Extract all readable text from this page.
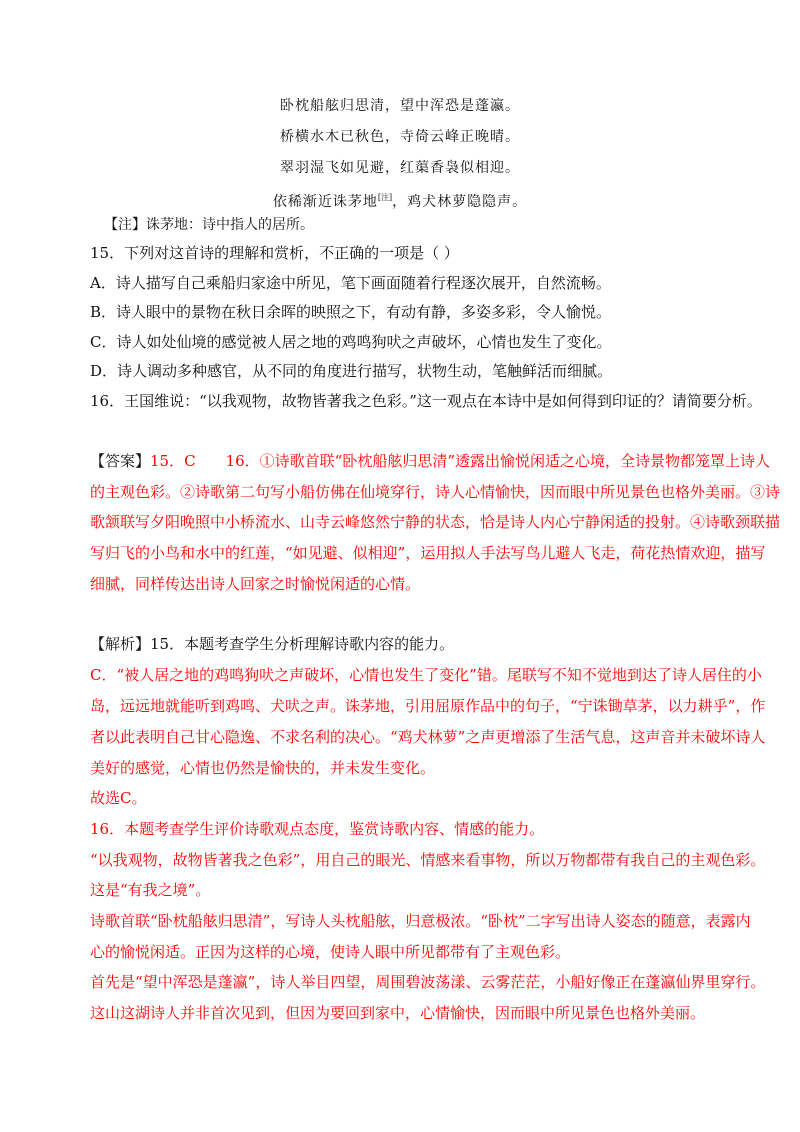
卧枕船舷归思清，望中浑恐是蓬瀛。
桥横水木已秋色，寺倚云峰正晚晴。
翠羽湿飞如见避，红蕖香袅似相迎。
依稀渐近诛茅地[注]，鸡犬林萝隐隐声。
【注】诛茅地：诗中指人的居所。
15．下列对这首诗的理解和赏析，不正确的一项是（ ）
A．诗人描写自己乘船归家途中所见，笔下画面随着行程逐次展开，自然流畅。
B．诗人眼中的景物在秋日余晖的映照之下，有动有静，多姿多彩，令人愉悦。
C．诗人如处仙境的感觉被人居之地的鸡鸣狗吠之声破坏，心情也发生了变化。
D．诗人调动多种感官，从不同的角度进行描写，状物生动，笔触鲜活而细腻。
16．王国维说：“以我观物，故物皆著我之色彩。”这一观点在本诗中是如何得到印证的？请简要分析。
【答案】15．C 16．①诗歌首联“卧枕船舷归思清”透露出愉悦闲适之心境，全诗景物都笼罩上诗人
的主观色彩。②诗歌第二句写小船仿佛在仙境穿行，诗人心情愉快，因而眼中所见景色也格外美丽。③诗
歌颔联写夕阳晚照中小桥流水、山寺云峰悠然宁静的状态，恰是诗人内心宁静闲适的投射。④诗歌颈联描
写归飞的小鸟和水中的红莲，“如见避、似相迎”，运用拟人手法写鸟儿避人飞走，荷花热情欢迎，描写
细腻，同样传达出诗人回家之时愉悦闲适的心情。
【解析】15．本题考查学生分析理解诗歌内容的能力。
C．“被人居之地的鸡鸣狗吠之声破坏，心情也发生了变化”错。尾联写不知不觉地到达了诗人居住的小
岛，远远地就能听到鸡鸣、犬吠之声。诛茅地，引用屈原作品中的句子，“宁诛锄草茅，以力耕乎”，作
者以此表明自己甘心隐逸、不求名利的决心。“鸡犬林萝”之声更增添了生活气息，这声音并未破坏诗人
美好的感觉，心情也仍然是愉快的，并未发生变化。
故选C。
16．本题考查学生评价诗歌观点态度，鉴赏诗歌内容、情感的能力。
“以我观物，故物皆著我之色彩”，用自己的眼光、情感来看事物，所以万物都带有我自己的主观色彩。
这是“有我之境”。
诗歌首联“卧枕船舷归思清”，写诗人头枕船舷，归意极浓。“卧枕”二字写出诗人姿态的随意，表露内
心的愉悦闲适。正因为这样的心境，使诗人眼中所见都带有了主观色彩。
首先是“望中浑恐是蓬瀛”，诗人举目四望，周围碧波荡漾、云雾茫茫，小船好像正在蓬瀛仙界里穿行。
这山这湖诗人并非首次见到，但因为要回到家中，心情愉快，因而眼中所见景色也格外美丽。
